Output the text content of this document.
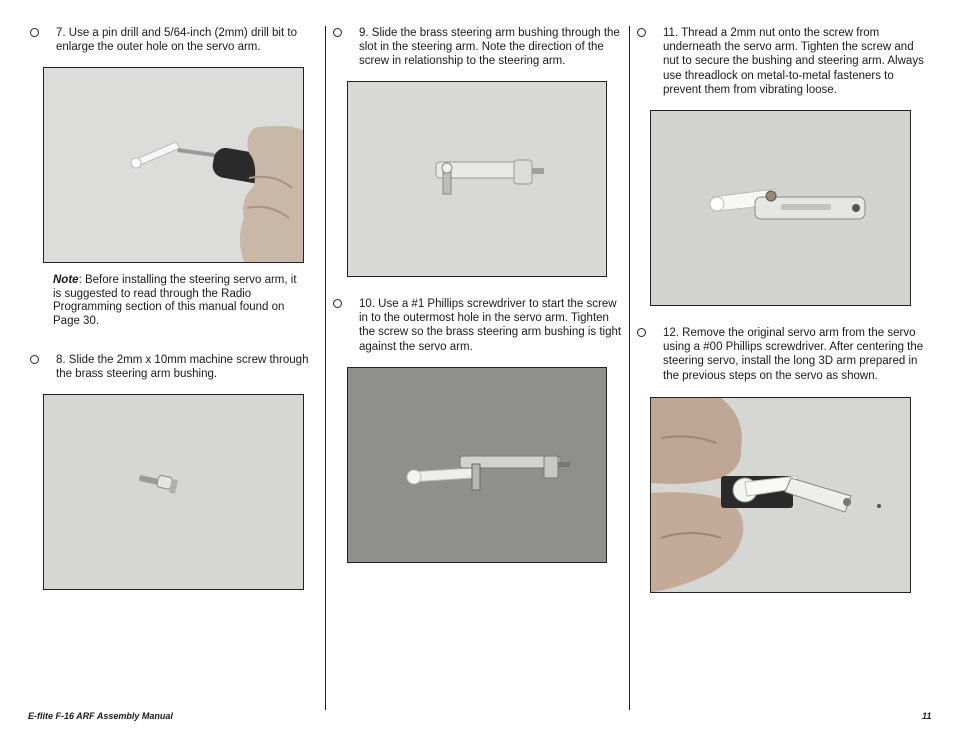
7. Use a pin drill and 5/64-inch (2mm) drill bit to enlarge the outer hole on the servo arm.
Note: Before installing the steering servo arm, it is suggested to read through the Radio Programming section of this manual found on Page 30.
8. Slide the 2mm x 10mm machine screw through the brass steering arm bushing.
9. Slide the brass steering arm bushing through the slot in the steering arm. Note the direction of the screw in relationship to the steering arm.
10. Use a #1 Phillips screwdriver to start the screw in to the outermost hole in the servo arm. Tighten the screw so the brass steering arm bushing is tight against the servo arm.
11. Thread a 2mm nut onto the screw from underneath the servo arm. Tighten the screw and nut to secure the bushing and steering arm. Always use threadlock on metal-to-metal fasteners to prevent them from vibrating loose.
12. Remove the original servo arm from the servo using a #00 Phillips screwdriver. After centering the steering servo, install the long 3D arm prepared in the previous steps on the servo as shown.
E-flite F-16 ARF Assembly Manual	11
